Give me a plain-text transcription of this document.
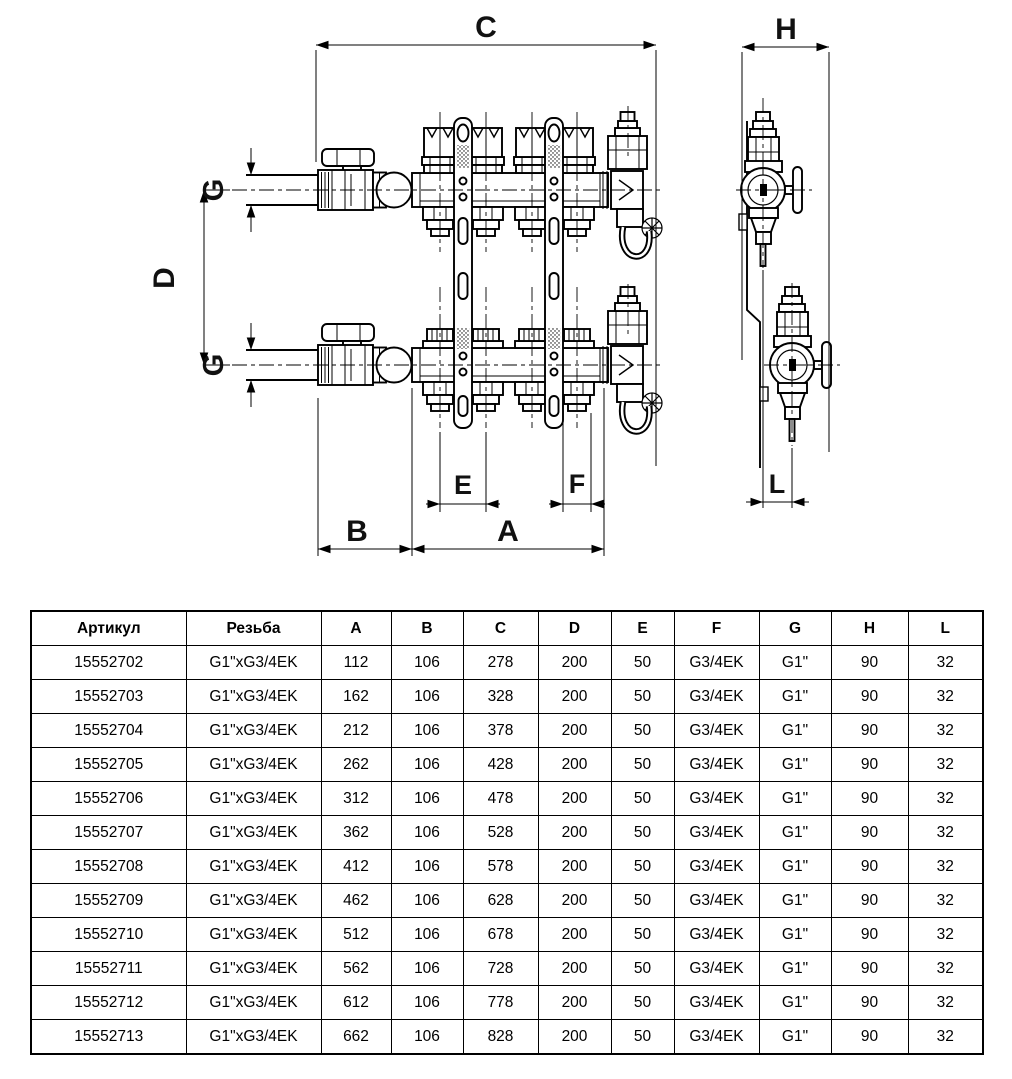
C	H
D
G
G
B	A
E	F	L
Артикул	Резьба	A	B	C	D	E	F	G	H	L
15552702	G1"xG3/4EK	112	106	278	200	50	G3/4EK	G1"	90	32
15552703	G1"xG3/4EK	162	106	328	200	50	G3/4EK	G1"	90	32
15552704	G1"xG3/4EK	212	106	378	200	50	G3/4EK	G1"	90	32
15552705	G1"xG3/4EK	262	106	428	200	50	G3/4EK	G1"	90	32
15552706	G1"xG3/4EK	312	106	478	200	50	G3/4EK	G1"	90	32
15552707	G1"xG3/4EK	362	106	528	200	50	G3/4EK	G1"	90	32
15552708	G1"xG3/4EK	412	106	578	200	50	G3/4EK	G1"	90	32
15552709	G1"xG3/4EK	462	106	628	200	50	G3/4EK	G1"	90	32
15552710	G1"xG3/4EK	512	106	678	200	50	G3/4EK	G1"	90	32
15552711	G1"xG3/4EK	562	106	728	200	50	G3/4EK	G1"	90	32
15552712	G1"xG3/4EK	612	106	778	200	50	G3/4EK	G1"	90	32
15552713	G1"xG3/4EK	662	106	828	200	50	G3/4EK	G1"	90	32
